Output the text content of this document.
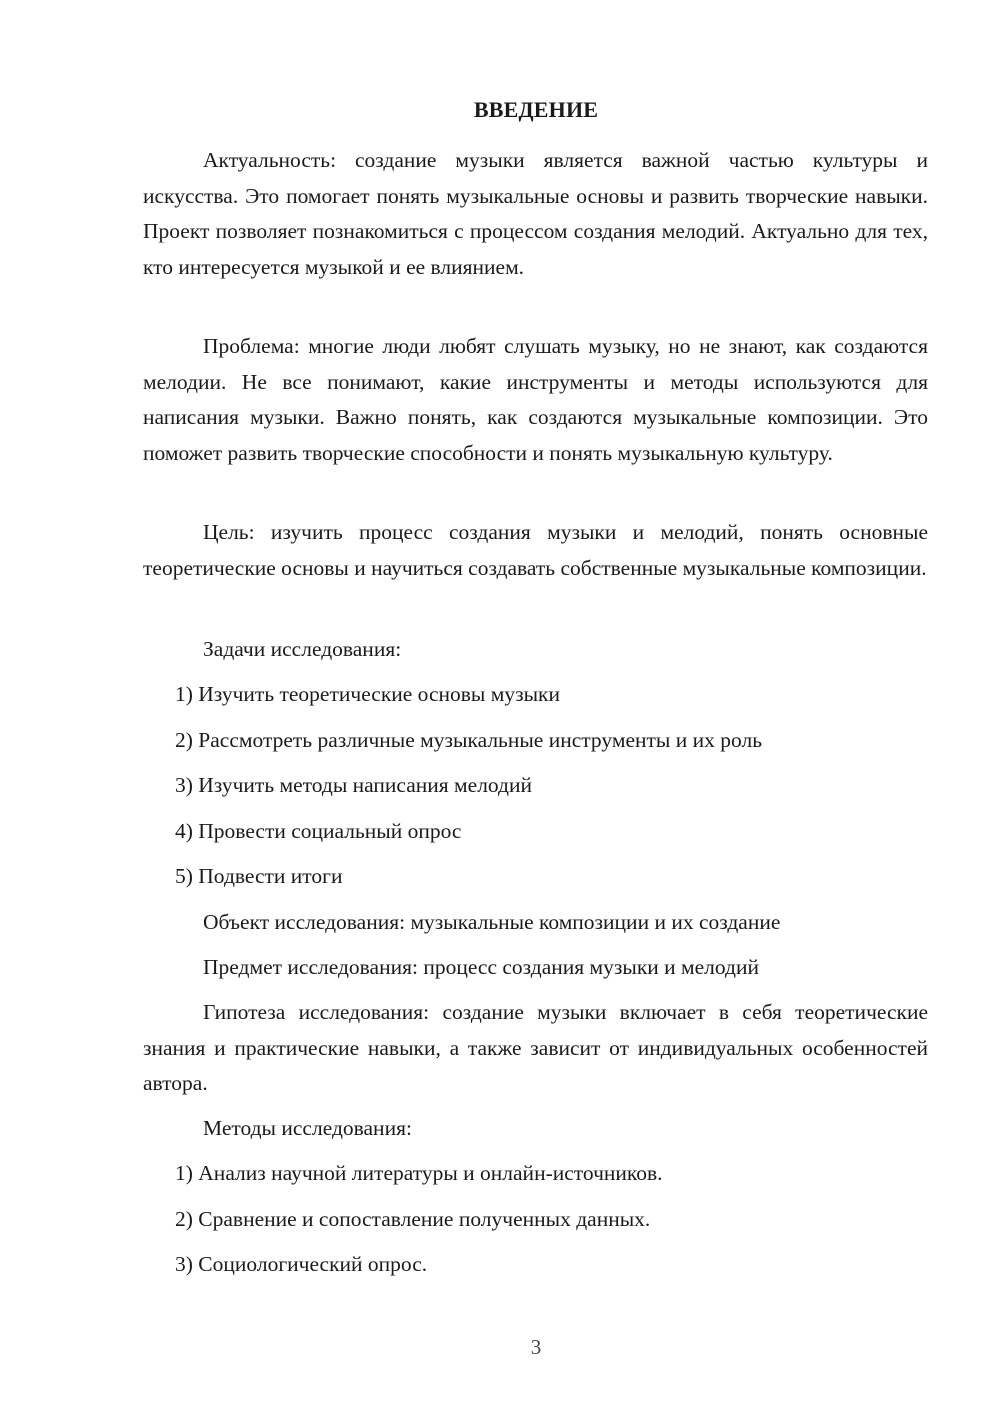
ВВЕДЕНИЕ

Актуальность: создание музыки является важной частью культуры и искусства. Это помогает понять музыкальные основы и развить творческие навыки. Проект позволяет познакомиться с процессом создания мелодий. Актуально для тех, кто интересуется музыкой и ее влиянием.

Проблема: многие люди любят слушать музыку, но не знают, как создаются мелодии. Не все понимают, какие инструменты и методы используются для написания музыки. Важно понять, как создаются музыкальные композиции. Это поможет развить творческие способности и понять музыкальную культуру.

Цель: изучить процесс создания музыки и мелодий, понять основные теоретические основы и научиться создавать собственные музыкальные композиции.

Задачи исследования:

1) Изучить теоретические основы музыки

2) Рассмотреть различные музыкальные инструменты и их роль

3) Изучить методы написания мелодий

4) Провести социальный опрос

5) Подвести итоги

Объект исследования: музыкальные композиции и их создание

Предмет исследования: процесс создания музыки и мелодий

Гипотеза исследования: создание музыки включает в себя теоретические знания и практические навыки, а также зависит от индивидуальных особенностей автора.

Методы исследования:

1) Анализ научной литературы и онлайн-источников.

2) Сравнение и сопоставление полученных данных.

3) Социологический опрос.

3
